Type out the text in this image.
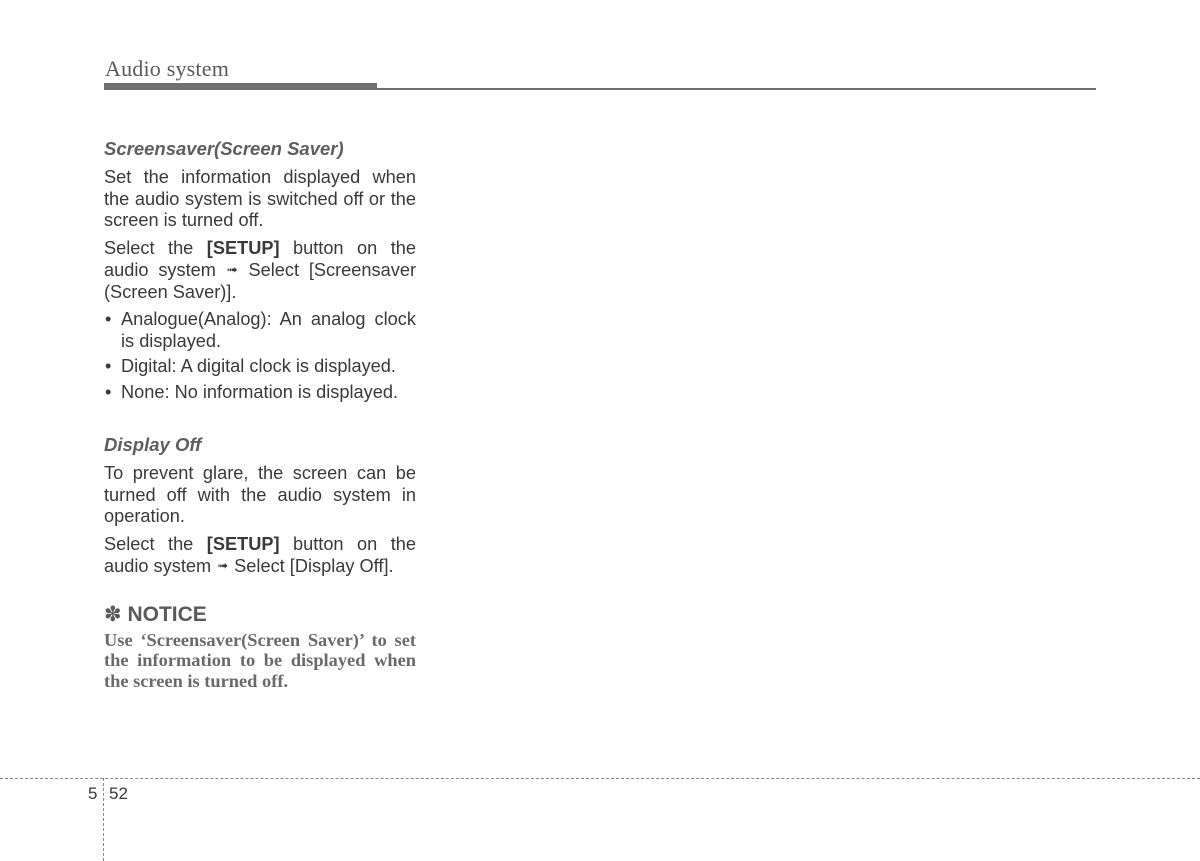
Audio system
Screensaver(Screen Saver)

Set the information displayed when the audio system is switched off or the screen is turned off.

Select the [SETUP] button on the audio system ➟ Select [Screensaver (Screen Saver)].

• Analogue(Analog): An analog clock is displayed.
• Digital: A digital clock is displayed.
• None: No information is displayed.
Display Off

To prevent glare, the screen can be turned off with the audio system in operation.

Select the [SETUP] button on the audio system ➟ Select [Display Off].

✽ NOTICE
Use ‘Screensaver(Screen Saver)’ to set the information to be displayed when the screen is turned off.
5 52
